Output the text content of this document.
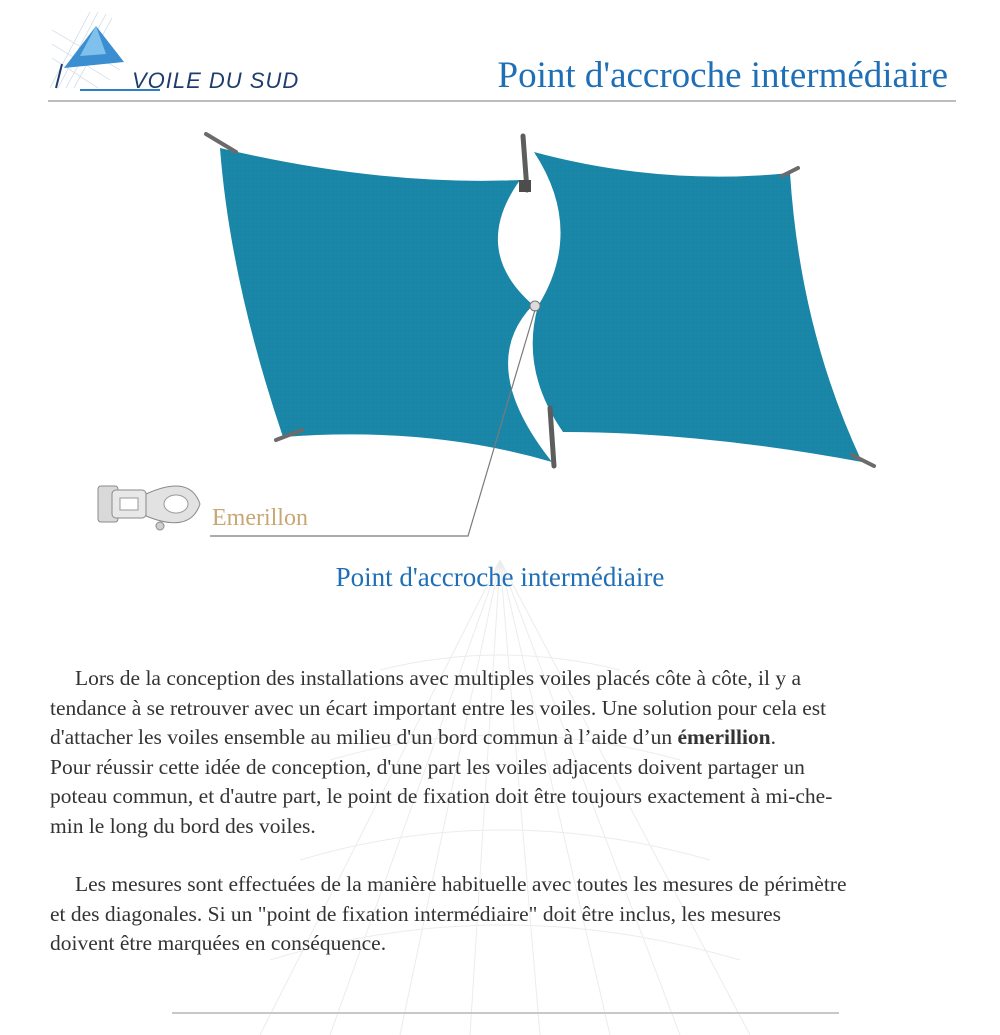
VOILE DU SUD	Point d'accroche intermédiaire
Emerillon
Point d'accroche intermédiaire
Lors de la conception des installations avec multiples voiles placés côte à côte, il y a
tendance à se retrouver avec un écart important entre les voiles. Une solution pour cela est
d'attacher les voiles ensemble au milieu d'un bord commun à l’aide d’un émerillion.
Pour réussir cette idée de conception, d'une part les voiles adjacents doivent partager un
poteau commun, et d'autre part, le point de fixation doit être toujours exactement à mi-che-
min le long du bord des voiles.
Les mesures sont effectuées de la manière habituelle avec toutes les mesures de périmètre
et des diagonales. Si un "point de fixation intermédiaire" doit être inclus, les mesures
doivent être marquées en conséquence.
